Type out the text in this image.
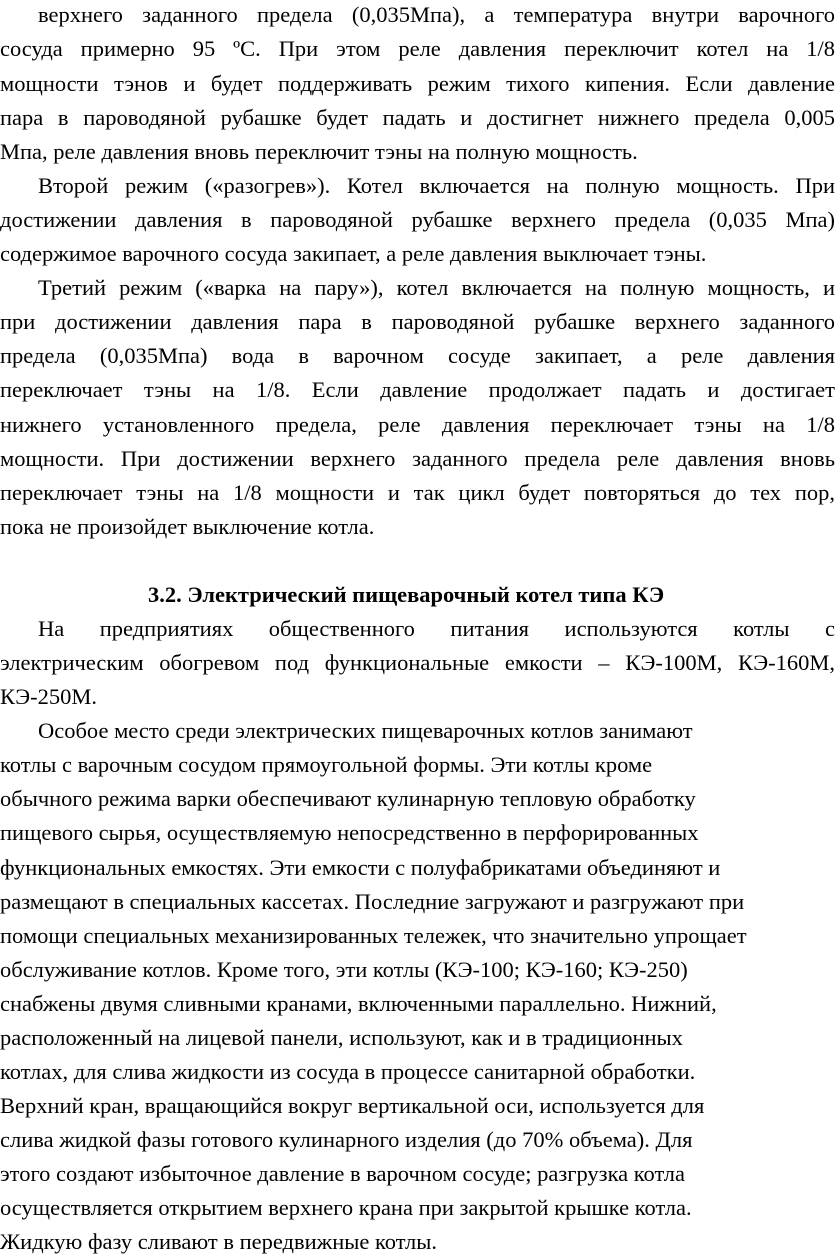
верхнего заданного предела (0,035Мпа), а температура внутри варочного
сосуда примерно 95 ºС. При этом реле давления переключит котел на 1/8
мощности тэнов и будет поддерживать режим тихого кипения. Если давление
пара в пароводяной рубашке будет падать и достигнет нижнего предела 0,005
Мпа, реле давления вновь переключит тэны на полную мощность.
Второй режим («разогрев»). Котел включается на полную мощность. При
достижении давления в пароводяной рубашке верхнего предела (0,035 Мпа)
содержимое варочного сосуда закипает, а реле давления выключает тэны.
Третий режим («варка на пару»), котел включается на полную мощность, и
при достижении давления пара в пароводяной рубашке верхнего заданного
предела (0,035Мпа) вода в варочном сосуде закипает, а реле давления
переключает тэны на 1/8. Если давление продолжает падать и достигает
нижнего установленного предела, реле давления переключает тэны на 1/8
мощности. При достижении верхнего заданного предела реле давления вновь
переключает тэны на 1/8 мощности и так цикл будет повторяться до тех пор,
пока не произойдет выключение котла.
3.2. Электрический пищеварочный котел типа КЭ
На предприятиях общественного питания используются котлы с
электрическим обогревом под функциональные емкости – КЭ-100М, КЭ-160М,
КЭ-250М.
Особое место среди электрических пищеварочных котлов занимают
котлы с варочным сосудом прямоугольной формы. Эти котлы кроме
обычного режима варки обеспечивают кулинарную тепловую обработку
пищевого сырья, осуществляемую непосредственно в перфорированных
функциональных емкостях. Эти емкости с полуфабрикатами объединяют и
размещают в специальных кассетах. Последние загружают и разгружают при
помощи специальных механизированных тележек, что значительно упрощает
обслуживание котлов. Кроме того, эти котлы (КЭ-100; КЭ-160; КЭ-250)
снабжены двумя сливными кранами, включенными параллельно. Нижний,
расположенный на лицевой панели, используют, как и в традиционных
котлах, для слива жидкости из сосуда в процессе санитарной обработки.
Верхний кран, вращающийся вокруг вертикальной оси, используется для
слива жидкой фазы готового кулинарного изделия (до 70% объема). Для
этого создают избыточное давление в варочном сосуде; разгрузка котла
осуществляется открытием верхнего крана при закрытой крышке котла.
Жидкую фазу сливают в передвижные котлы.
